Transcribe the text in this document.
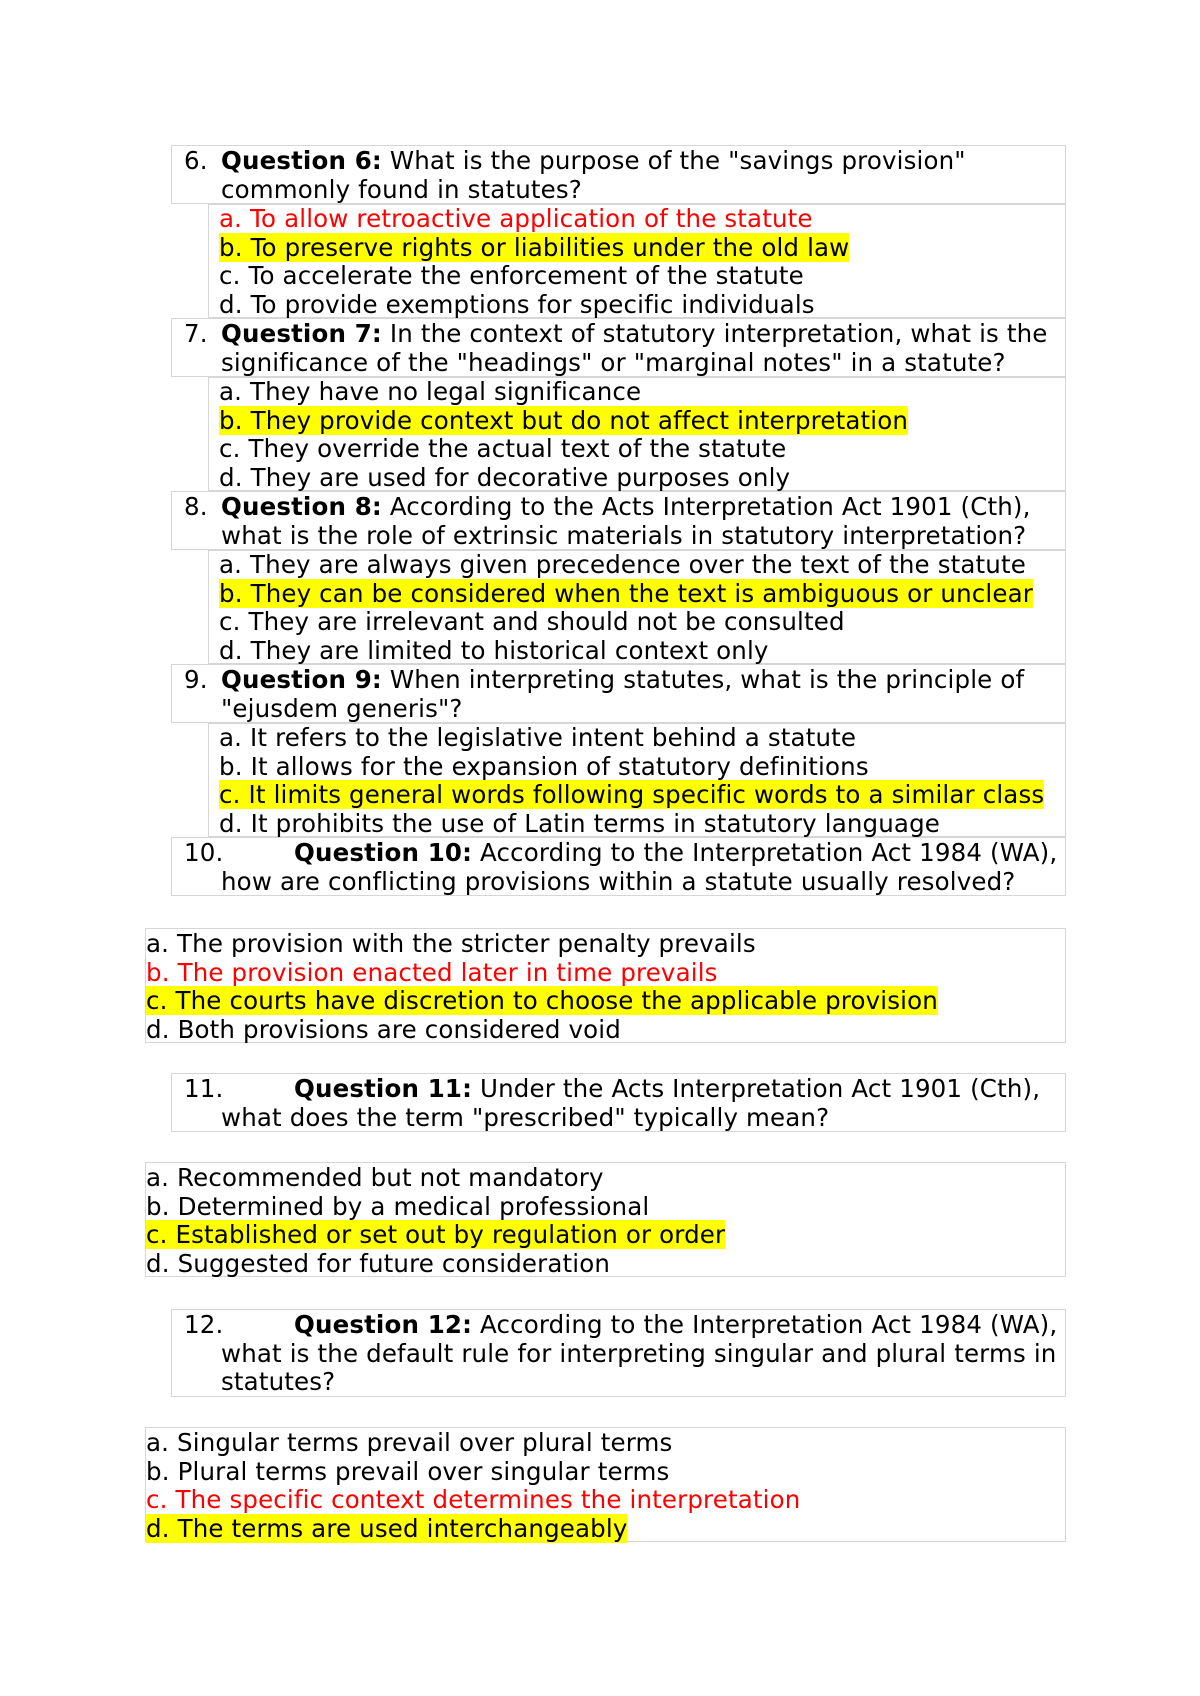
6. Question 6: What is the purpose of the "savings provision"
commonly found in statutes?
a. To allow retroactive application of the statute
b. To preserve rights or liabilities under the old law
c. To accelerate the enforcement of the statute
d. To provide exemptions for specific individuals
7. Question 7: In the context of statutory interpretation, what is the
significance of the "headings" or "marginal notes" in a statute?
a. They have no legal significance
b. They provide context but do not affect interpretation
c. They override the actual text of the statute
d. They are used for decorative purposes only
8. Question 8: According to the Acts Interpretation Act 1901 (Cth),
what is the role of extrinsic materials in statutory interpretation?
a. They are always given precedence over the text of the statute
b. They can be considered when the text is ambiguous or unclear
c. They are irrelevant and should not be consulted
d. They are limited to historical context only
9. Question 9: When interpreting statutes, what is the principle of
"ejusdem generis"?
a. It refers to the legislative intent behind a statute
b. It allows for the expansion of statutory definitions
c. It limits general words following specific words to a similar class
d. It prohibits the use of Latin terms in statutory language
10.	Question 10: According to the Interpretation Act 1984 (WA),
how are conflicting provisions within a statute usually resolved?
a. The provision with the stricter penalty prevails
b. The provision enacted later in time prevails
c. The courts have discretion to choose the applicable provision
d. Both provisions are considered void
11.	Question 11: Under the Acts Interpretation Act 1901 (Cth),
what does the term "prescribed" typically mean?
a. Recommended but not mandatory
b. Determined by a medical professional
c. Established or set out by regulation or order
d. Suggested for future consideration
12.	Question 12: According to the Interpretation Act 1984 (WA),
what is the default rule for interpreting singular and plural terms in
statutes?
a. Singular terms prevail over plural terms
b. Plural terms prevail over singular terms
c. The specific context determines the interpretation
d. The terms are used interchangeably
